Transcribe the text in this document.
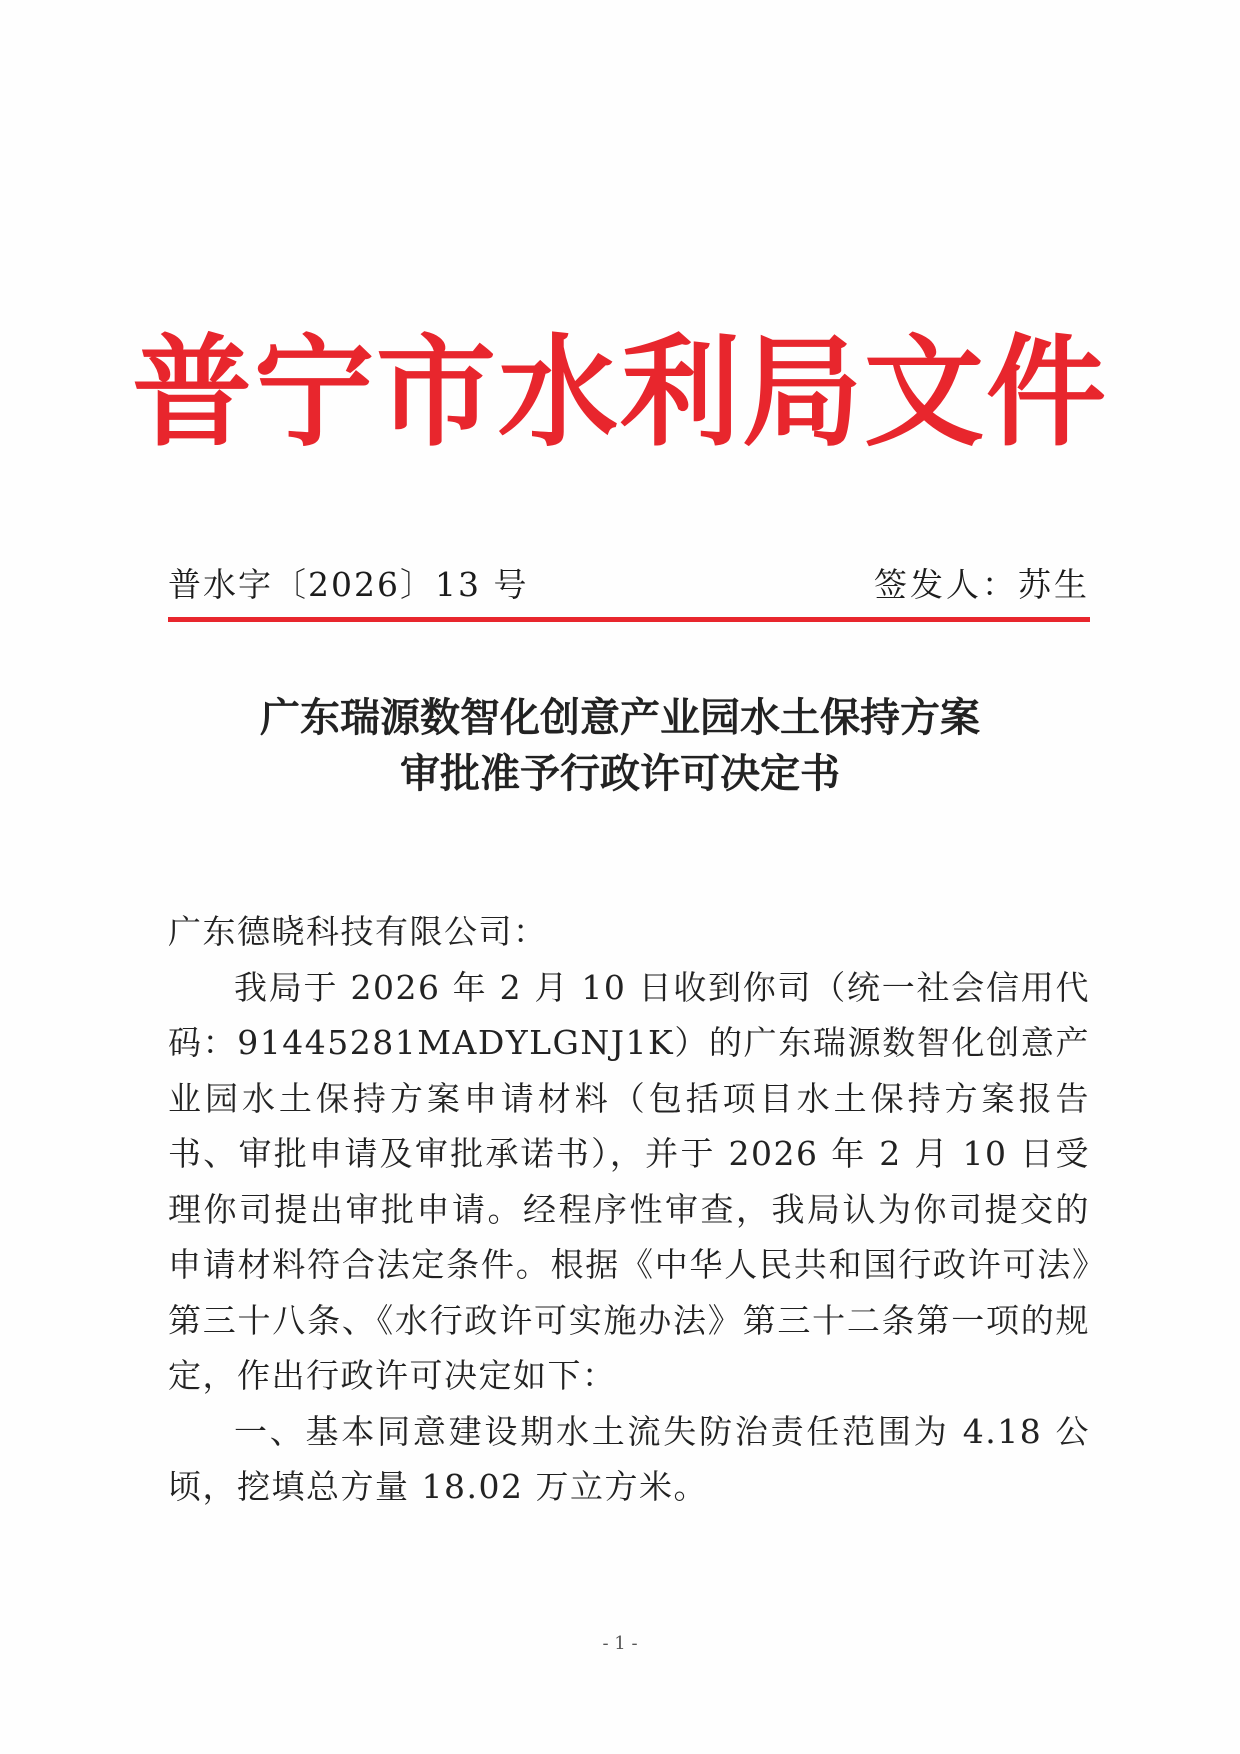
普宁市水利局文件
普水字〔2026〕13 号	签发人：苏生
广东瑞源数智化创意产业园水土保持方案
审批准予行政许可决定书

广东德晓科技有限公司：

我局于 2026 年 2 月 10 日收到你司（统一社会信用代码：91445281MADYLGNJ1K）的广东瑞源数智化创意产业园水土保持方案申请材料（包括项目水土保持方案报告书、审批申请及审批承诺书），并于 2026 年 2 月 10 日受理你司提出审批申请。经程序性审查，我局认为你司提交的申请材料符合法定条件。根据《中华人民共和国行政许可法》第三十八条、《水行政许可实施办法》第三十二条第一项的规定，作出行政许可决定如下：

一、基本同意建设期水土流失防治责任范围为 4.18 公顷，挖填总方量 18.02 万立方米。

- 1 -
